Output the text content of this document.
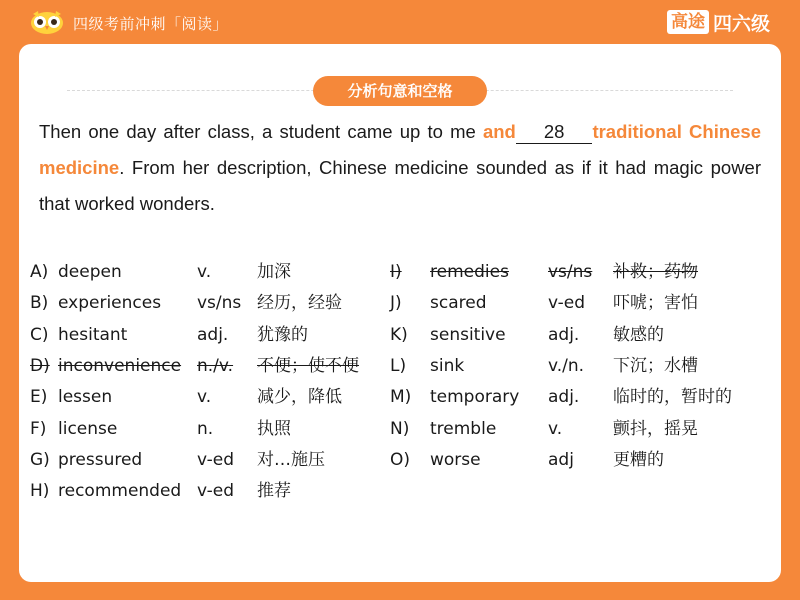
四级考前冲刺「阅读」	高途 四六级
分析句意和空格
Then one day after class, a student came up to me and 28 traditional Chinese medicine. From her description, Chinese medicine sounded as if it had magic power that worked wonders.
A) deepen	v.	加深
B) experiences vs/ns 经历，经验
C) hesitant	adj. 犹豫的
D) inconvenience n./v. 不便；使不便
E) lessen	v.	减少，降低
F) license	n.	执照
G) pressured	v-ed 对…施压
H) recommended v-ed 推荐
I) remedies vs/ns 补救；药物
J) scared	v-ed 吓唬；害怕
K) sensitive adj. 敏感的
L) sink	v./n. 下沉；水槽
M) temporary adj. 临时的，暂时的
N) tremble	v.	颤抖，摇晃
O) worse	adj 更糟的
